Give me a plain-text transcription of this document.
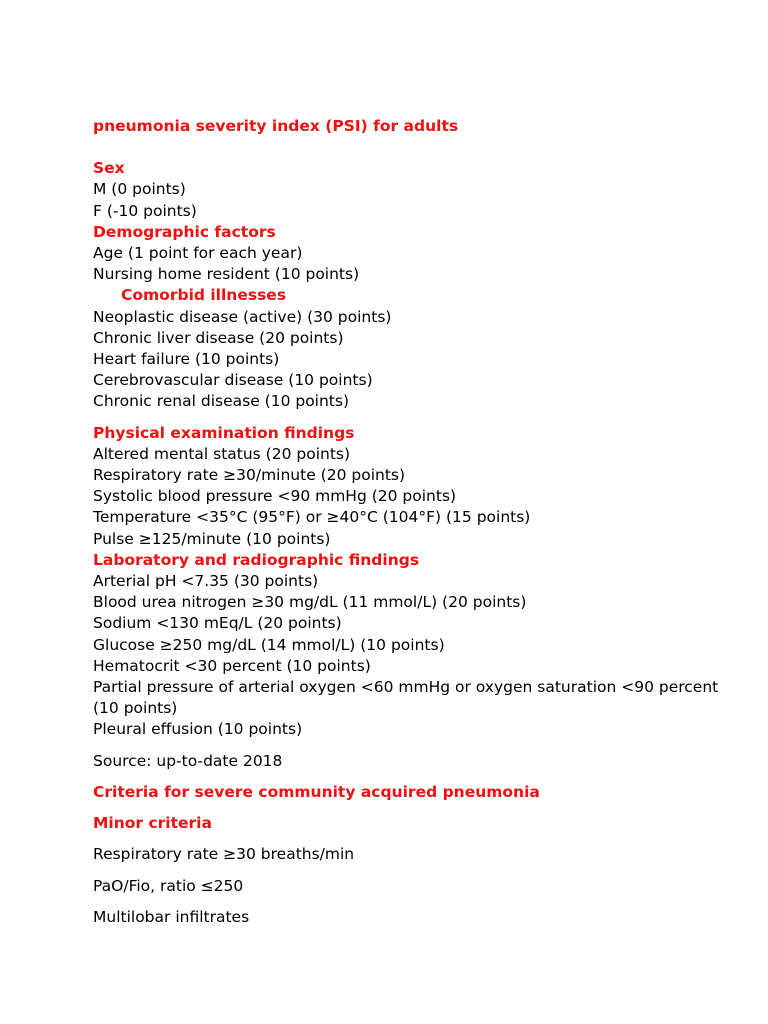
pneumonia severity index (PSI) for adults
Sex
M (0 points)
F (-10 points)
Demographic factors
Age (1 point for each year)
Nursing home resident (10 points)
Comorbid illnesses
Neoplastic disease (active) (30 points)
Chronic liver disease (20 points)
Heart failure (10 points)
Cerebrovascular disease (10 points)
Chronic renal disease (10 points)
Physical examination findings
Altered mental status (20 points)
Respiratory rate ≥30/minute (20 points)
Systolic blood pressure <90 mmHg (20 points)
Temperature <35°C (95°F) or ≥40°C (104°F) (15 points)
Pulse ≥125/minute (10 points)
Laboratory and radiographic findings
Arterial pH <7.35 (30 points)
Blood urea nitrogen ≥30 mg/dL (11 mmol/L) (20 points)
Sodium <130 mEq/L (20 points)
Glucose ≥250 mg/dL (14 mmol/L) (10 points)
Hematocrit <30 percent (10 points)
Partial pressure of arterial oxygen <60 mmHg or oxygen saturation <90 percent (10 points)
Pleural effusion (10 points)
Source: up-to-date 2018
Criteria for severe community acquired pneumonia
Minor criteria
Respiratory rate ≥30 breaths/min
PaO/Fio, ratio ≤250
Multilobar infiltrates
